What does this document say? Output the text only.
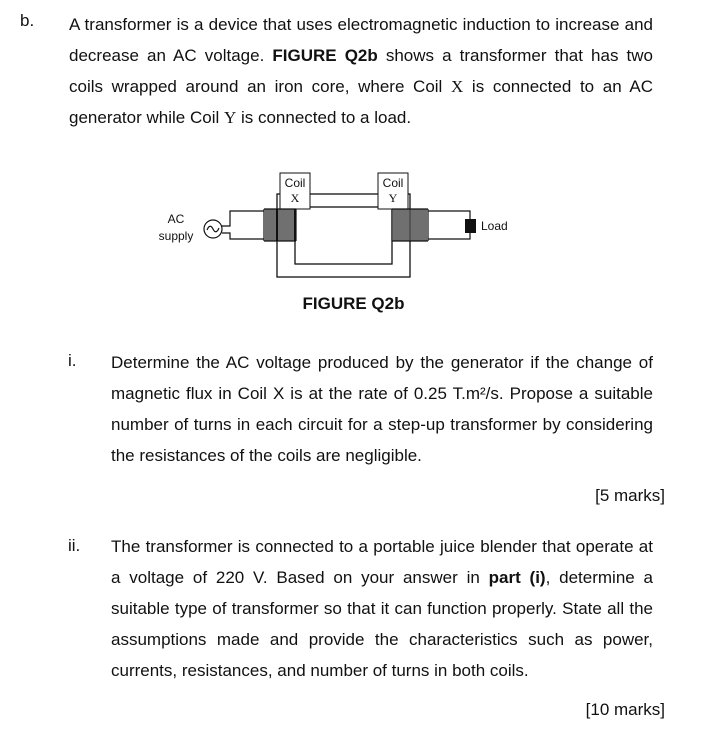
b. A transformer is a device that uses electromagnetic induction to increase and decrease an AC voltage. FIGURE Q2b shows a transformer that has two coils wrapped around an iron core, where Coil X is connected to an AC generator while Coil Y is connected to a load.

Coil
X
Coil
Y
AC
supply
Load
FIGURE Q2b
i. Determine the AC voltage produced by the generator if the change of magnetic flux in Coil X is at the rate of 0.25 T.m²/s. Propose a suitable number of turns in each circuit for a step-up transformer by considering the resistances of the coils are negligible.

[5 marks]
ii. The transformer is connected to a portable juice blender that operate at a voltage of 220 V. Based on your answer in part (i), determine a suitable type of transformer so that it can function properly. State all the assumptions made and provide the characteristics such as power, currents, resistances, and number of turns in both coils.

[10 marks]
